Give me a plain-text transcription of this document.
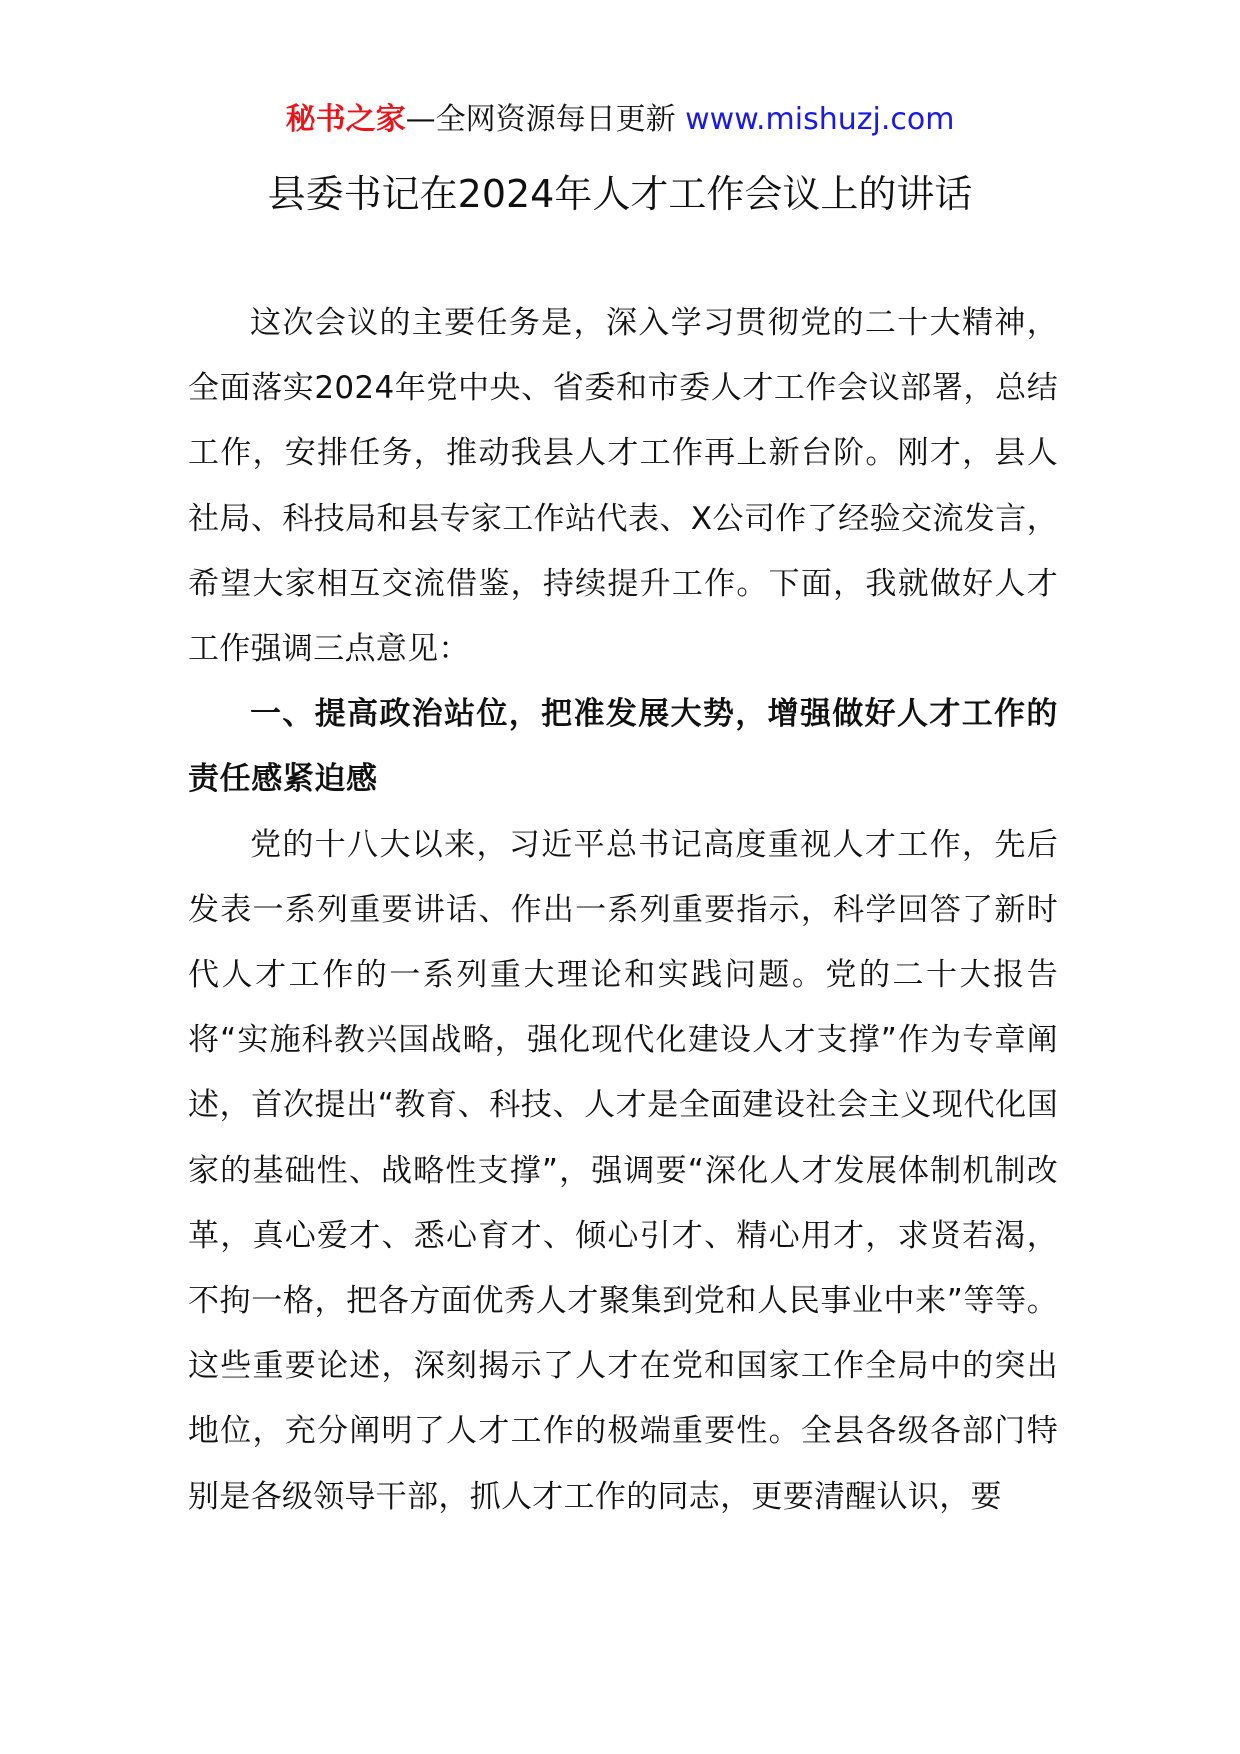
秘书之家—全网资源每日更新 www.mishuzj.com
县委书记在2024年人才工作会议上的讲话

这次会议的主要任务是，深入学习贯彻党的二十大精神，全面落实2024年党中央、省委和市委人才工作会议部署，总结工作，安排任务，推动我县人才工作再上新台阶。刚才，县人社局、科技局和县专家工作站代表、X公司作了经验交流发言，希望大家相互交流借鉴，持续提升工作。下面，我就做好人才工作强调三点意见：

一、提高政治站位，把准发展大势，增强做好人才工作的责任感紧迫感

党的十八大以来，习近平总书记高度重视人才工作，先后发表一系列重要讲话、作出一系列重要指示，科学回答了新时代人才工作的一系列重大理论和实践问题。党的二十大报告将“实施科教兴国战略，强化现代化建设人才支撑”作为专章阐述，首次提出“教育、科技、人才是全面建设社会主义现代化国家的基础性、战略性支撑”，强调要“深化人才发展体制机制改革，真心爱才、悉心育才、倾心引才、精心用才，求贤若渴，不拘一格，把各方面优秀人才聚集到党和人民事业中来”等等。这些重要论述，深刻揭示了人才在党和国家工作全局中的突出地位，充分阐明了人才工作的极端重要性。全县各级各部门特别是各级领导干部，抓人才工作的同志，更要清醒认识，要
